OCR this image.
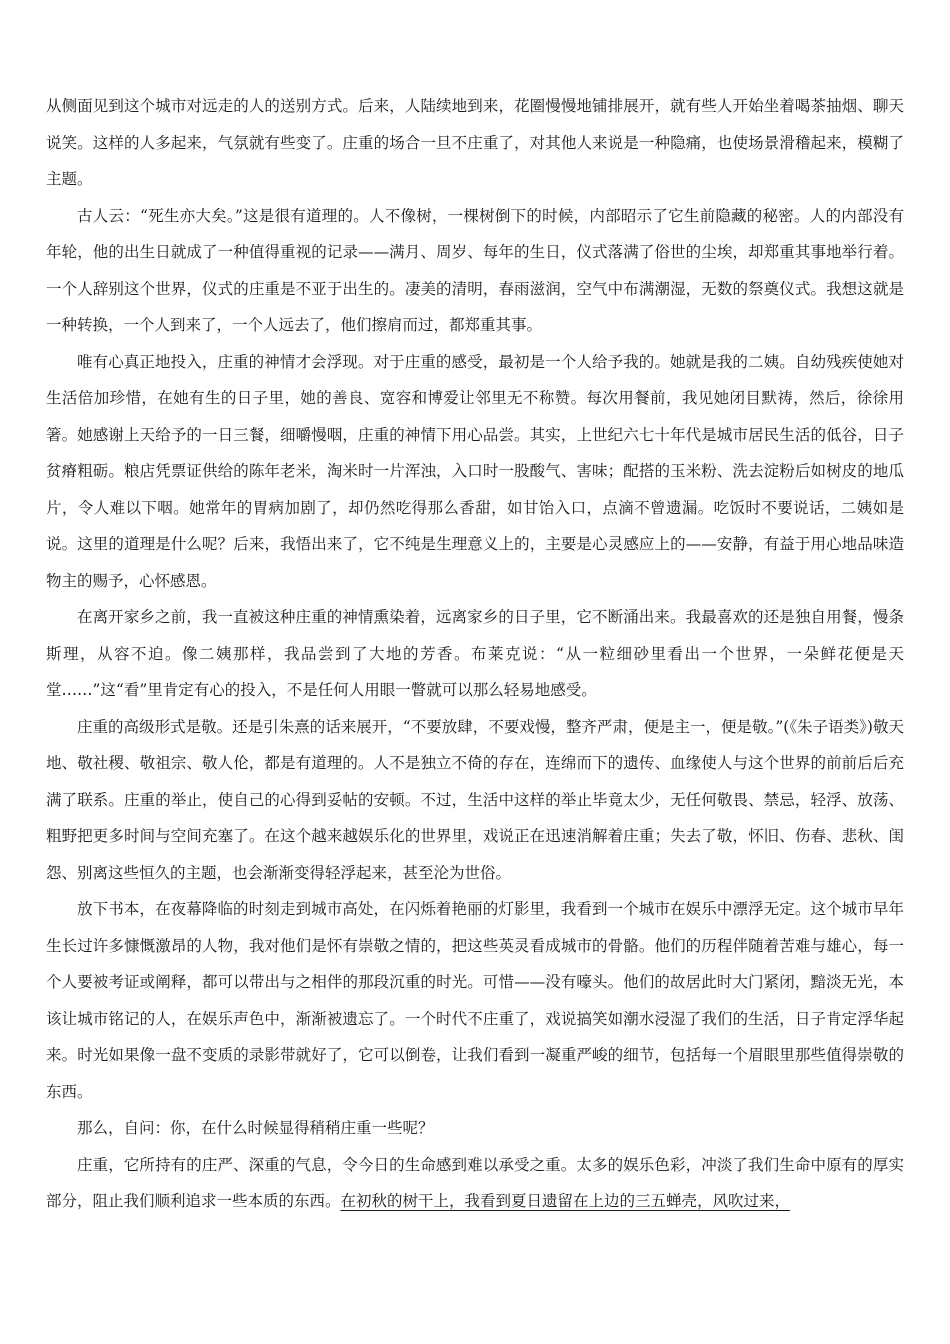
从侧面见到这个城市对远走的人的送别方式。后来，人陆续地到来，花圈慢慢地铺排展开，就有些人开始坐着喝茶抽烟、聊天说笑。这样的人多起来，气氛就有些变了。庄重的场合一旦不庄重了，对其他人来说是一种隐痛，也使场景滑稽起来，模糊了主题。

古人云：“死生亦大矣。”这是很有道理的。人不像树，一棵树倒下的时候，内部昭示了它生前隐藏的秘密。人的内部没有年轮，他的出生日就成了一种值得重视的记录——满月、周岁、每年的生日，仪式落满了俗世的尘埃，却郑重其事地举行着。一个人辞别这个世界，仪式的庄重是不亚于出生的。凄美的清明，春雨滋润，空气中布满潮湿，无数的祭奠仪式。我想这就是一种转换，一个人到来了，一个人远去了，他们擦肩而过，都郑重其事。

唯有心真正地投入，庄重的神情才会浮现。对于庄重的感受，最初是一个人给予我的。她就是我的二姨。自幼残疾使她对生活倍加珍惜，在她有生的日子里，她的善良、宽容和博爱让邻里无不称赞。每次用餐前，我见她闭目默祷，然后，徐徐用箸。她感谢上天给予的一日三餐，细嚼慢咽，庄重的神情下用心品尝。其实，上世纪六七十年代是城市居民生活的低谷，日子贫瘠粗砺。粮店凭票证供给的陈年老米，淘米时一片浑浊，入口时一股酸气、害味；配搭的玉米粉、洗去淀粉后如树皮的地瓜片，令人难以下咽。她常年的胃病加剧了，却仍然吃得那么香甜，如甘饴入口，点滴不曾遗漏。吃饭时不要说话，二姨如是说。这里的道理是什么呢？后来，我悟出来了，它不纯是生理意义上的，主要是心灵感应上的——安静，有益于用心地品味造物主的赐予，心怀感恩。

在离开家乡之前，我一直被这种庄重的神情熏染着，远离家乡的日子里，它不断涌出来。我最喜欢的还是独自用餐，慢条斯理，从容不迫。像二姨那样，我品尝到了大地的芳香。布莱克说：“从一粒细砂里看出一个世界，一朵鲜花便是天堂……”这“看”里肯定有心的投入，不是任何人用眼一瞥就可以那么轻易地感受。

庄重的高级形式是敬。还是引朱熹的话来展开，“不要放肆，不要戏慢，整齐严肃，便是主一，便是敬。”(《朱子语类》)敬天地、敬社稷、敬祖宗、敬人伦，都是有道理的。人不是独立不倚的存在，连绵而下的遗传、血缘使人与这个世界的前前后后充满了联系。庄重的举止，使自己的心得到妥帖的安顿。不过，生活中这样的举止毕竟太少，无任何敬畏、禁忌，轻浮、放荡、粗野把更多时间与空间充塞了。在这个越来越娱乐化的世界里，戏说正在迅速消解着庄重；失去了敬，怀旧、伤春、悲秋、闺怨、别离这些恒久的主题，也会渐渐变得轻浮起来，甚至沦为世俗。

放下书本，在夜幕降临的时刻走到城市高处，在闪烁着艳丽的灯影里，我看到一个城市在娱乐中漂浮无定。这个城市早年生长过许多慷慨激昂的人物，我对他们是怀有崇敬之情的，把这些英灵看成城市的骨骼。他们的历程伴随着苦难与雄心，每一个人要被考证或阐释，都可以带出与之相伴的那段沉重的时光。可惜——没有嚎头。他们的故居此时大门紧闭，黯淡无光，本该让城市铭记的人，在娱乐声色中，渐渐被遗忘了。一个时代不庄重了，戏说搞笑如潮水浸湿了我们的生活，日子肯定浮华起来。时光如果像一盘不变质的录影带就好了，它可以倒卷，让我们看到一凝重严峻的细节，包括每一个眉眼里那些值得崇敬的东西。

那么，自问：你，在什么时候显得稍稍庄重一些呢？

庄重，它所持有的庄严、深重的气息，令今日的生命感到难以承受之重。太多的娱乐色彩，冲淡了我们生命中原有的厚实部分，阻止我们顺利追求一些本质的东西。在初秋的树干上，我看到夏日遗留在上边的三五蝉壳，风吹过来，
